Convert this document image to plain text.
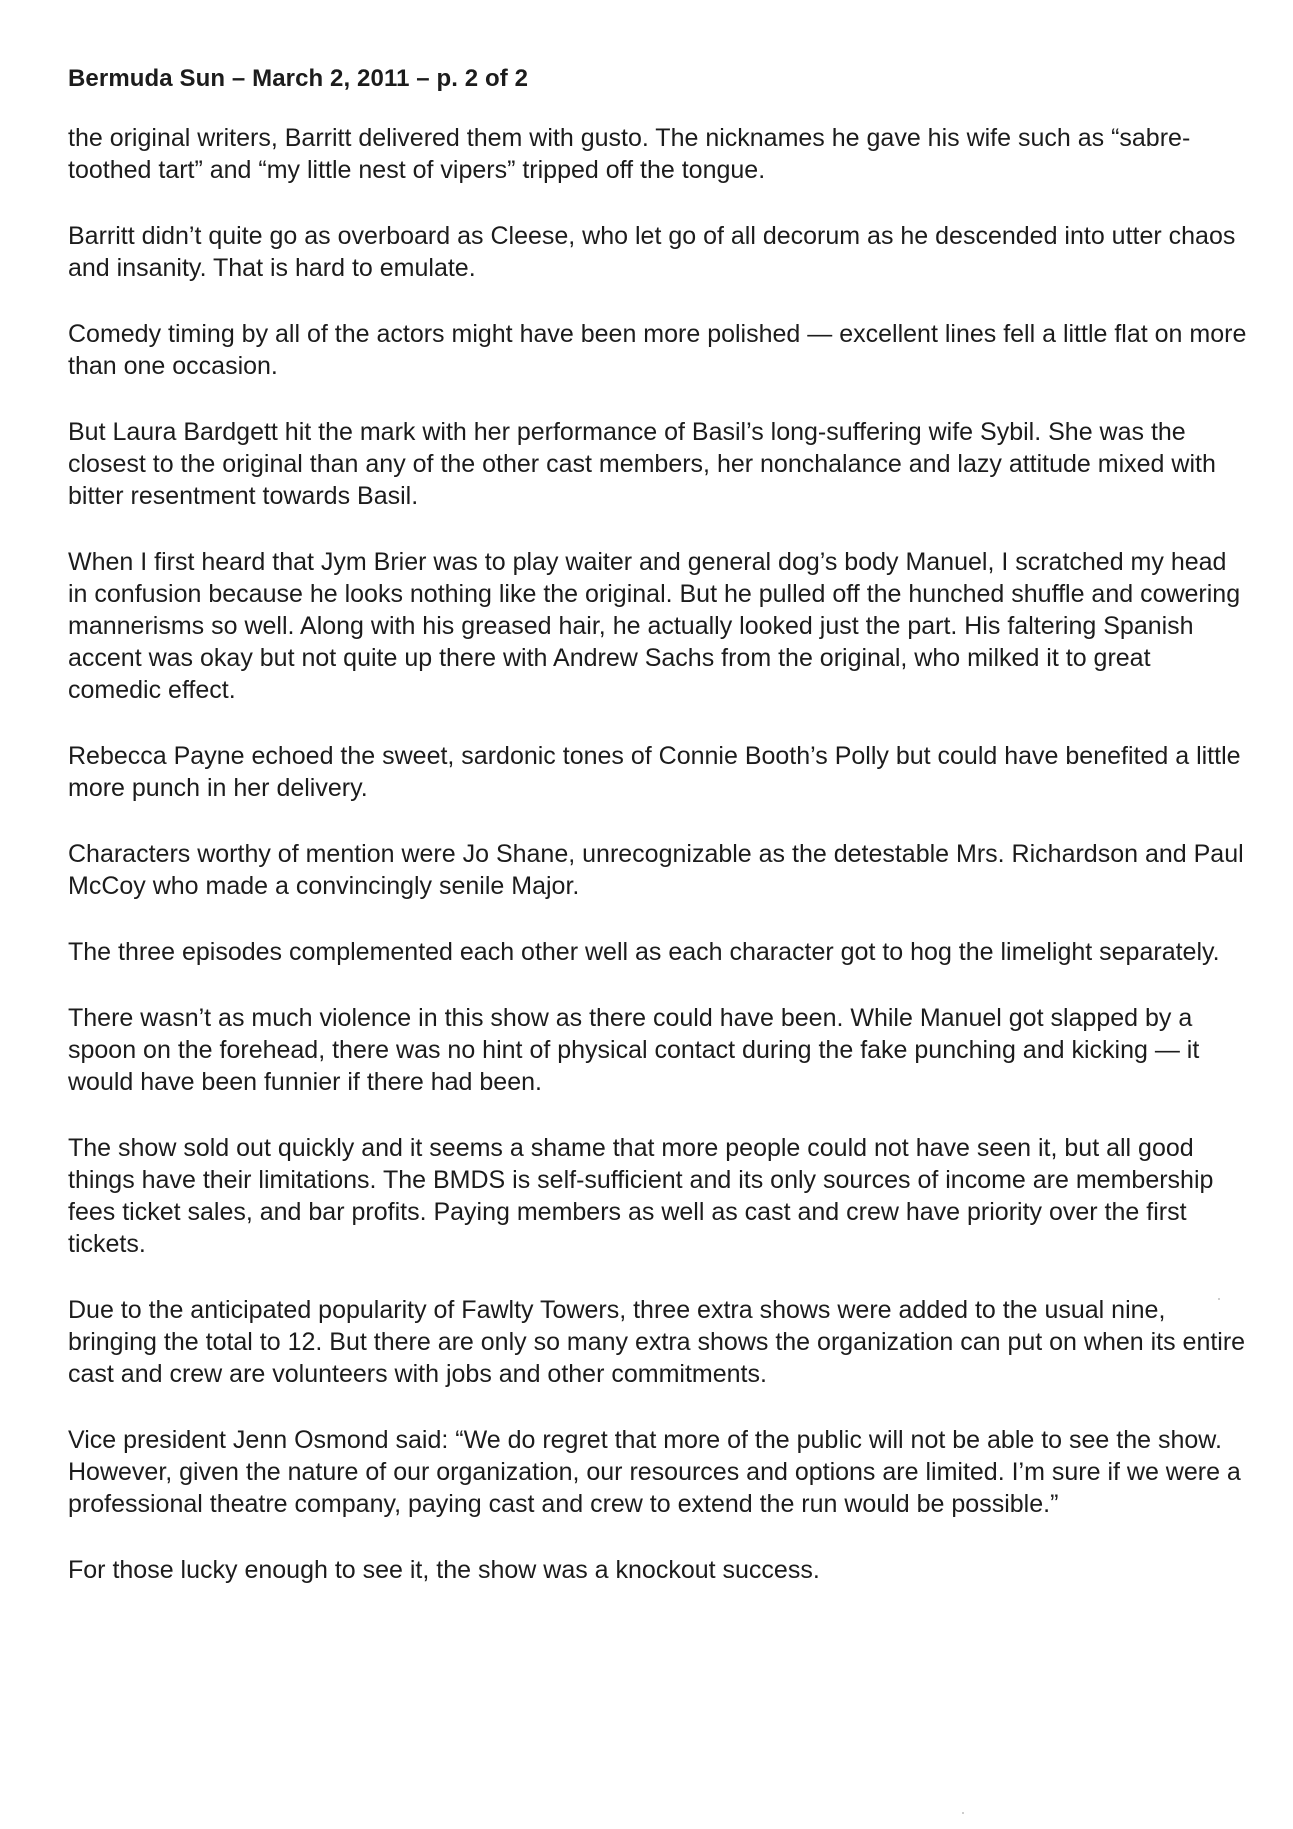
Bermuda Sun – March 2, 2011 – p. 2 of 2

the original writers, Barritt delivered them with gusto. The nicknames he gave his wife such as “sabre-toothed tart” and “my little nest of vipers” tripped off the tongue.

Barritt didn’t quite go as overboard as Cleese, who let go of all decorum as he descended into utter chaos and insanity. That is hard to emulate.

Comedy timing by all of the actors might have been more polished — excellent lines fell a little flat on more than one occasion.

But Laura Bardgett hit the mark with her performance of Basil’s long-suffering wife Sybil. She was the closest to the original than any of the other cast members, her nonchalance and lazy attitude mixed with bitter resentment towards Basil.

When I first heard that Jym Brier was to play waiter and general dog’s body Manuel, I scratched my head in confusion because he looks nothing like the original. But he pulled off the hunched shuffle and cowering mannerisms so well. Along with his greased hair, he actually looked just the part. His faltering Spanish accent was okay but not quite up there with Andrew Sachs from the original, who milked it to great comedic effect.

Rebecca Payne echoed the sweet, sardonic tones of Connie Booth’s Polly but could have benefited a little more punch in her delivery.

Characters worthy of mention were Jo Shane, unrecognizable as the detestable Mrs. Richardson and Paul McCoy who made a convincingly senile Major.

The three episodes complemented each other well as each character got to hog the limelight separately.

There wasn’t as much violence in this show as there could have been. While Manuel got slapped by a spoon on the forehead, there was no hint of physical contact during the fake punching and kicking — it would have been funnier if there had been.

The show sold out quickly and it seems a shame that more people could not have seen it, but all good things have their limitations. The BMDS is self-sufficient and its only sources of income are membership fees ticket sales, and bar profits. Paying members as well as cast and crew have priority over the first tickets.

Due to the anticipated popularity of Fawlty Towers, three extra shows were added to the usual nine, bringing the total to 12. But there are only so many extra shows the organization can put on when its entire cast and crew are volunteers with jobs and other commitments.

Vice president Jenn Osmond said: “We do regret that more of the public will not be able to see the show. However, given the nature of our organization, our resources and options are limited. I’m sure if we were a professional theatre company, paying cast and crew to extend the run would be possible.”

For those lucky enough to see it, the show was a knockout success.
